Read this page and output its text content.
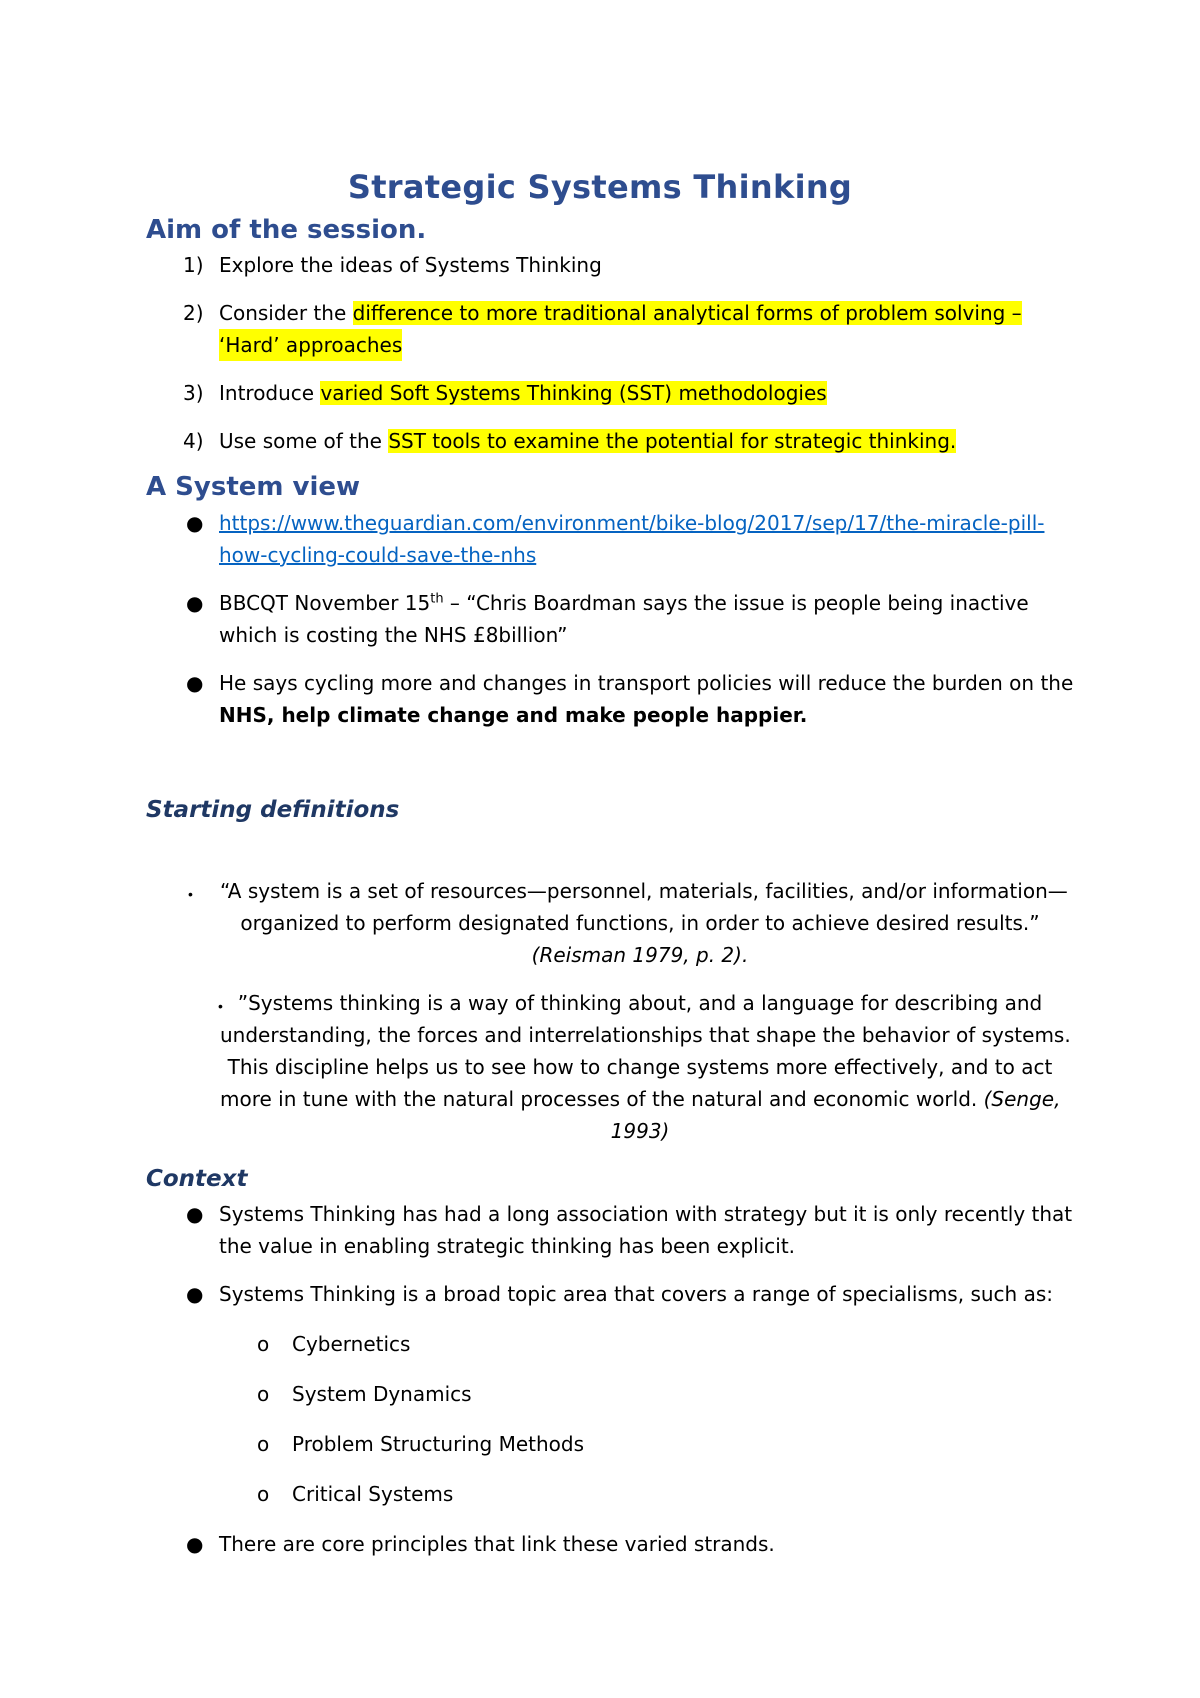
Strategic Systems Thinking
Aim of the session.
1) Explore the ideas of Systems Thinking
2) Consider the difference to more traditional analytical forms of problem solving –
‘Hard’ approaches
3) Introduce varied Soft Systems Thinking (SST) methodologies
4) Use some of the SST tools to examine the potential for strategic thinking.
A System view
● https://www.theguardian.com/environment/bike-blog/2017/sep/17/the-miracle-pill-
how-cycling-could-save-the-nhs
● BBCQT November 15th – “Chris Boardman says the issue is people being inactive
which is costing the NHS £8billion”
● He says cycling more and changes in transport policies will reduce the burden on the
NHS, help climate change and make people happier.
Starting definitions
• “A system is a set of resources—personnel, materials, facilities, and/or information—
organized to perform designated functions, in order to achieve desired results.”
(Reisman 1979, p. 2).
• ”Systems thinking is a way of thinking about, and a language for describing and
understanding, the forces and interrelationships that shape the behavior of systems.
This discipline helps us to see how to change systems more effectively, and to act
more in tune with the natural processes of the natural and economic world. (Senge,
1993)
Context
● Systems Thinking has had a long association with strategy but it is only recently that
the value in enabling strategic thinking has been explicit.
● Systems Thinking is a broad topic area that covers a range of specialisms, such as:
o Cybernetics
o System Dynamics
o Problem Structuring Methods
o Critical Systems
● There are core principles that link these varied strands.
